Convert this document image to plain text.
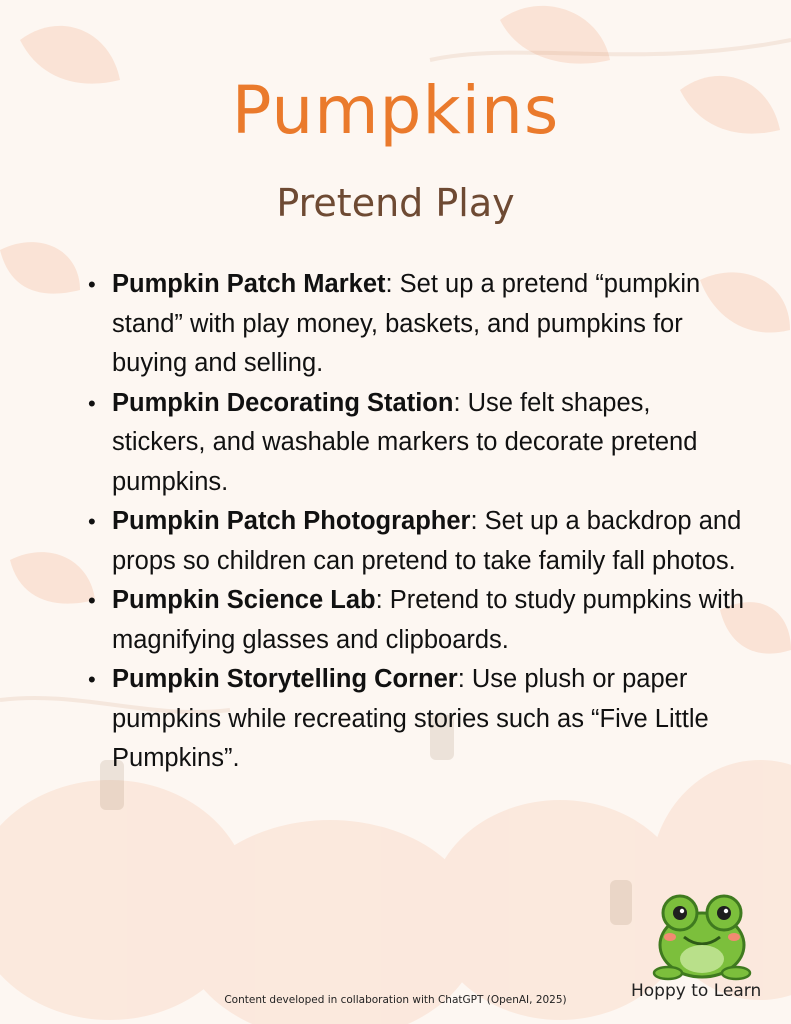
Pumpkins
Pretend Play
• Pumpkin Patch Market: Set up a pretend “pumpkin stand” with play money, baskets, and pumpkins for buying and selling.
• Pumpkin Decorating Station: Use felt shapes, stickers, and washable markers to decorate pretend pumpkins.
• Pumpkin Patch Photographer: Set up a backdrop and props so children can pretend to take family fall photos.
• Pumpkin Science Lab: Pretend to study pumpkins with magnifying glasses and clipboards.
• Pumpkin Storytelling Corner: Use plush or paper pumpkins while recreating stories such as “Five Little Pumpkins”.
Content developed in collaboration with ChatGPT (OpenAI, 2025)	Hoppy to Learn
